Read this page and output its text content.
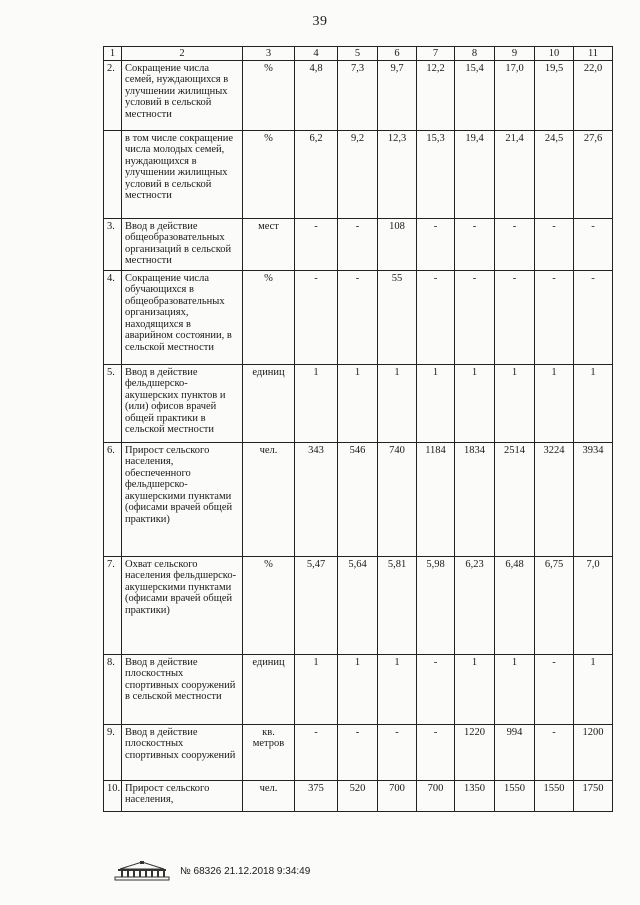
39
1	2	3	4	5	6	7	8	9	10	11
2.	Сокращение числа семей, нуждающихся в улучшении жилищных условий в сельской местности	%	4,8	7,3	9,7	12,2	15,4	17,0	19,5	22,0
	в том числе сокращение числа молодых семей, нуждающихся в улучшении жилищных условий в сельской местности	%	6,2	9,2	12,3	15,3	19,4	21,4	24,5	27,6
3.	Ввод в действие общеобразовательных организаций в сельской местности	мест	-	-	108	-	-	-	-	-
4.	Сокращение числа обучающихся в общеобразовательных организациях, находящихся в аварийном состоянии, в сельской местности	%	-	-	55	-	-	-	-	-
5.	Ввод в действие фельдшерско-акушерских пунктов и (или) офисов врачей общей практики в сельской местности	единиц	1	1	1	1	1	1	1	1
6.	Прирост сельского населения, обеспеченного фельдшерско-акушерскими пунктами (офисами врачей общей практики)	чел.	343	546	740	1184	1834	2514	3224	3934
7.	Охват сельского населения фельдшерско-акушерскими пунктами (офисами врачей общей практики)	%	5,47	5,64	5,81	5,98	6,23	6,48	6,75	7,0
8.	Ввод в действие плоскостных спортивных сооружений в сельской местности	единиц	1	1	1	-	1	1	-	1
9.	Ввод в действие плоскостных спортивных сооружений	кв. метров	-	-	-	-	1220	994	-	1200
10.	Прирост сельского населения,	чел.	375	520	700	700	1350	1550	1550	1750
№ 68326 21.12.2018 9:34:49
